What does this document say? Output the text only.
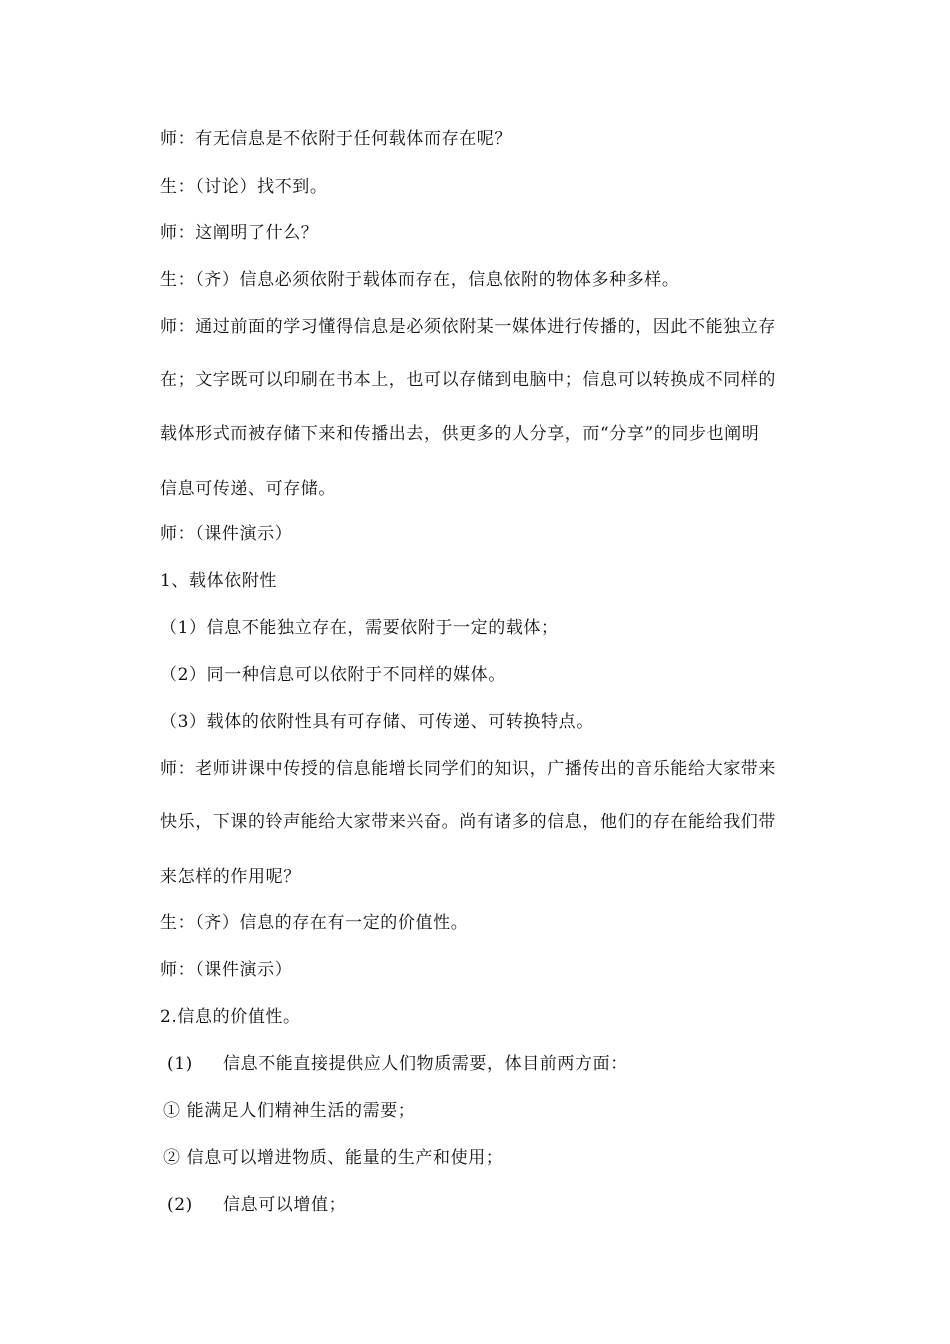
师：有无信息是不依附于任何载体而存在呢？
生：（讨论）找不到。
师：这阐明了什么？
生：（齐）信息必须依附于载体而存在，信息依附的物体多种多样。
师：通过前面的学习懂得信息是必须依附某一媒体进行传播的，因此不能独立存
在；文字既可以印刷在书本上，也可以存储到电脑中；信息可以转换成不同样的
载体形式而被存储下来和传播出去，供更多的人分享，而“分享”的同步也阐明
信息可传递、可存储。
师：（课件演示）
1、载体依附性
（1）信息不能独立存在，需要依附于一定的载体；
（2）同一种信息可以依附于不同样的媒体。
（3）载体的依附性具有可存储、可传递、可转换特点。
师：老师讲课中传授的信息能增长同学们的知识，广播传出的音乐能给大家带来
快乐，下课的铃声能给大家带来兴奋。尚有诸多的信息，他们的存在能给我们带
来怎样的作用呢？
生：（齐）信息的存在有一定的价值性。
师：（课件演示）
2.信息的价值性。
(1) 信息不能直接提供应人们物质需要，体目前两方面：
① 能满足人们精神生活的需要；
② 信息可以增进物质、能量的生产和使用；
(2) 信息可以增值；
